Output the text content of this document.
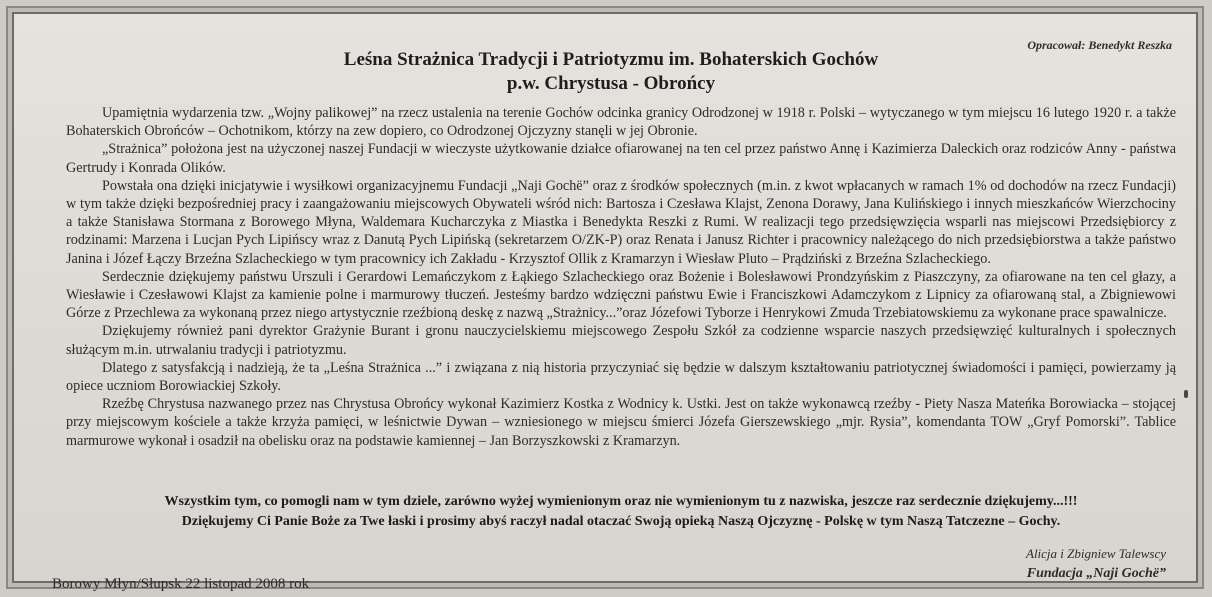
Opracował: Benedykt Reszka
Leśna Strażnica Tradycji i Patriotyzmu im. Bohaterskich Gochów
p.w. Chrystusa - Obrońcy

Upamiętnia wydarzenia tzw. „Wojny palikowej” na rzecz ustalenia na terenie Gochów odcinka granicy Odrodzonej w 1918 r. Polski – wytyczanego w tym miejscu 16 lutego 1920 r. a także Bohaterskich Obrońców – Ochotnikom, którzy na zew dopiero, co Odrodzonej Ojczyzny stanęli w jej Obronie.

„Strażnica” położona jest na użyczonej naszej Fundacji w wieczyste użytkowanie działce ofiarowanej na ten cel przez państwo Annę i Kazimierza Daleckich oraz rodziców Anny - państwa Gertrudy i Konrada Olików.

Powstała ona dzięki inicjatywie i wysiłkowi organizacyjnemu Fundacji „Naji Gochë” oraz z środków społecznych (m.in. z kwot wpłacanych w ramach 1% od dochodów na rzecz Fundacji) w tym także dzięki bezpośredniej pracy i zaangażowaniu miejscowych Obywateli wśród nich: Bartosza i Czesława Klajst, Zenona Dorawy, Jana Kulińskiego i innych mieszkańców Wierzchociny a także Stanisława Stormana z Borowego Młyna, Waldemara Kucharczyka z Miastka i Benedykta Reszki z Rumi. W realizacji tego przedsięwzięcia wsparli nas miejscowi Przedsiębiorcy z rodzinami: Marzena i Lucjan Pych Lipińscy wraz z Danutą Pych Lipińską (sekretarzem O/ZK-P) oraz Renata i Janusz Richter i pracownicy należącego do nich przedsiębiorstwa a także państwo Janina i Józef Łączy Brzeźna Szlacheckiego w tym pracownicy ich Zakładu - Krzysztof Ollik z Kramarzyn i Wiesław Pluto – Prądziński z Brzeźna Szlacheckiego.

Serdecznie dziękujemy państwu Urszuli i Gerardowi Lemańczykom z Łąkiego Szlacheckiego oraz Bożenie i Bolesławowi Prondzyńskim z Piaszczyny, za ofiarowane na ten cel głazy, a Wiesławie i Czesławowi Klajst za kamienie polne i marmurowy tłuczeń. Jesteśmy bardzo wdzięczni państwu Ewie i Franciszkowi Adamczykom z Lipnicy za ofiarowaną stal, a Zbigniewowi Górze z Przechlewa za wykonaną przez niego artystycznie rzeźbioną deskę z nazwą „Strażnicy...”oraz Józefowi Tyborze i Henrykowi Zmuda Trzebiatowskiemu za wykonane prace spawalnicze.

Dziękujemy również pani dyrektor Grażynie Burant i gronu nauczycielskiemu miejscowego Zespołu Szkół za codzienne wsparcie naszych przedsięwzięć kulturalnych i społecznych służącym m.in. utrwalaniu tradycji i patriotyzmu.

Dlatego z satysfakcją i nadzieją, że ta „Leśna Strażnica ...” i związana z nią historia przyczyniać się będzie w dalszym kształtowaniu patriotycznej świadomości i pamięci, powierzamy ją opiece uczniom Borowiackiej Szkoły.

Rzeźbę Chrystusa nazwanego przez nas Chrystusa Obrońcy wykonał Kazimierz Kostka z Wodnicy k. Ustki. Jest on także wykonawcą rzeźby - Piety Nasza Mateńka Borowiacka – stojącej przy miejscowym kościele a także krzyża pamięci, w leśnictwie Dywan – wzniesionego w miejscu śmierci Józefa Gierszewskiego „mjr. Rysia”, komendanta TOW „Gryf Pomorski”. Tablice marmurowe wykonał i osadził na obelisku oraz na podstawie kamiennej – Jan Borzyszkowski z Kramarzyn.

Wszystkim tym, co pomogli nam w tym dziele, zarówno wyżej wymienionym oraz nie wymienionym tu z nazwiska, jeszcze raz serdecznie dziękujemy...!!!

Dziękujemy Ci Panie Boże za Twe łaski i prosimy abyś raczył nadal otaczać Swoją opieką Naszą Ojczyznę - Polskę w tym Naszą Tatczezne – Gochy.

Alicja i Zbigniew Talewscy
Fundacja „Naji Gochë”
Borowy Młyn/Słupsk 22 listopad 2008 rok
